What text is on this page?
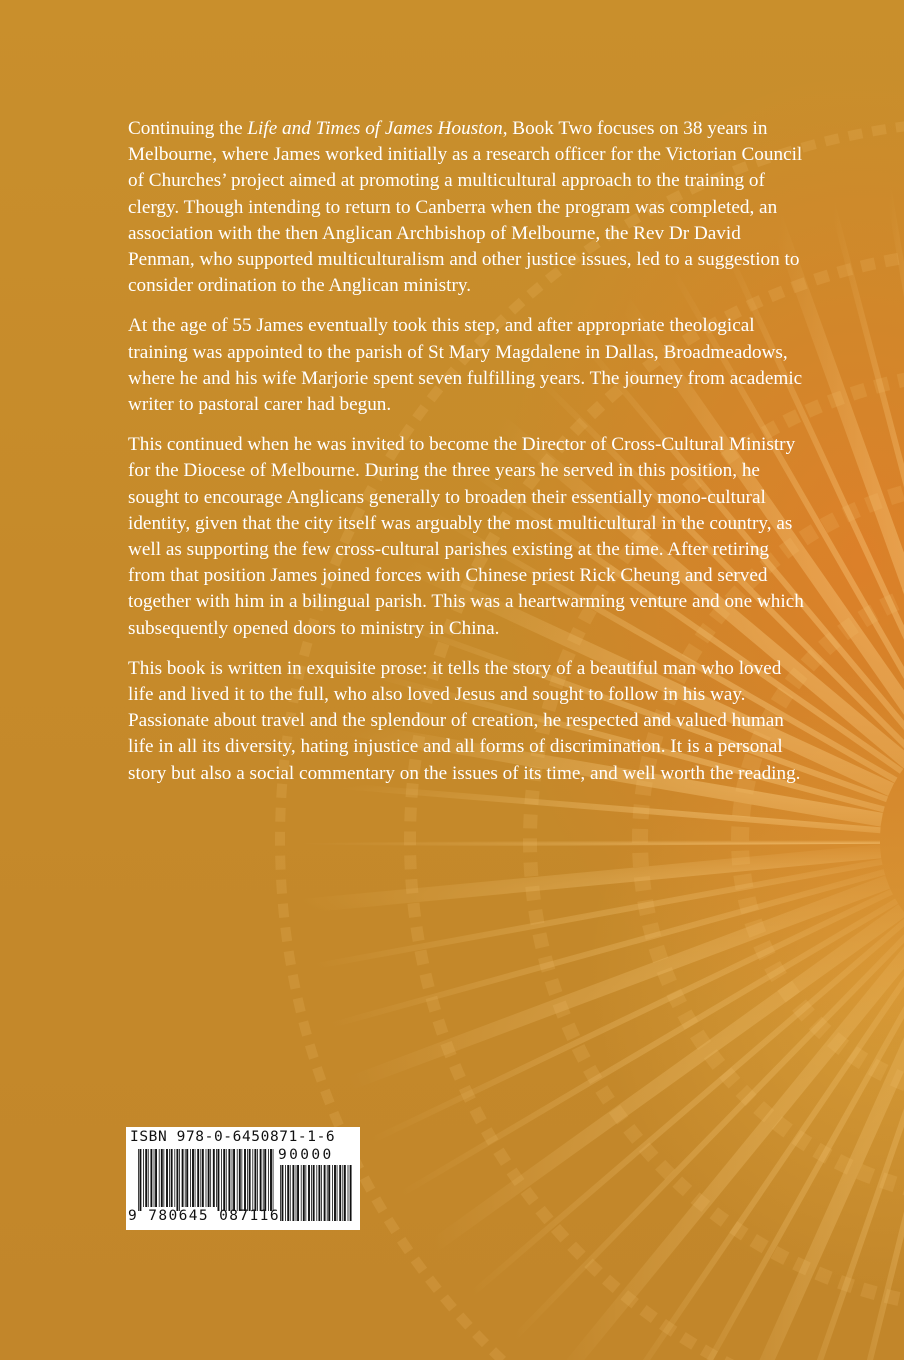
Continuing the Life and Times of James Houston, Book Two focuses on 38 years in Melbourne, where James worked initially as a research officer for the Victorian Council of Churches’ project aimed at promoting a multicultural approach to the training of clergy. Though intending to return to Canberra when the program was completed, an association with the then Anglican Archbishop of Melbourne, the Rev Dr David Penman, who supported multiculturalism and other justice issues, led to a suggestion to consider ordination to the Anglican ministry.

At the age of 55 James eventually took this step, and after appropriate theological training was appointed to the parish of St Mary Magdalene in Dallas, Broadmeadows, where he and his wife Marjorie spent seven fulfilling years. The journey from academic writer to pastoral carer had begun.

This continued when he was invited to become the Director of Cross-Cultural Ministry for the Diocese of Melbourne. During the three years he served in this position, he sought to encourage Anglicans generally to broaden their essentially mono-cultural identity, given that the city itself was arguably the most multicultural in the country, as well as supporting the few cross-cultural parishes existing at the time. After retiring from that position James joined forces with Chinese priest Rick Cheung and served together with him in a bilingual parish. This was a heartwarming venture and one which subsequently opened doors to ministry in China.

This book is written in exquisite prose: it tells the story of a beautiful man who loved life and lived it to the full, who also loved Jesus and sought to follow in his way. Passionate about travel and the splendour of creation, he respected and valued human life in all its diversity, hating injustice and all forms of discrimination. It is a personal story but also a social commentary on the issues of its time, and well worth the reading.

ISBN 978-0-6450871-1-6
90000
9 780645 087116
